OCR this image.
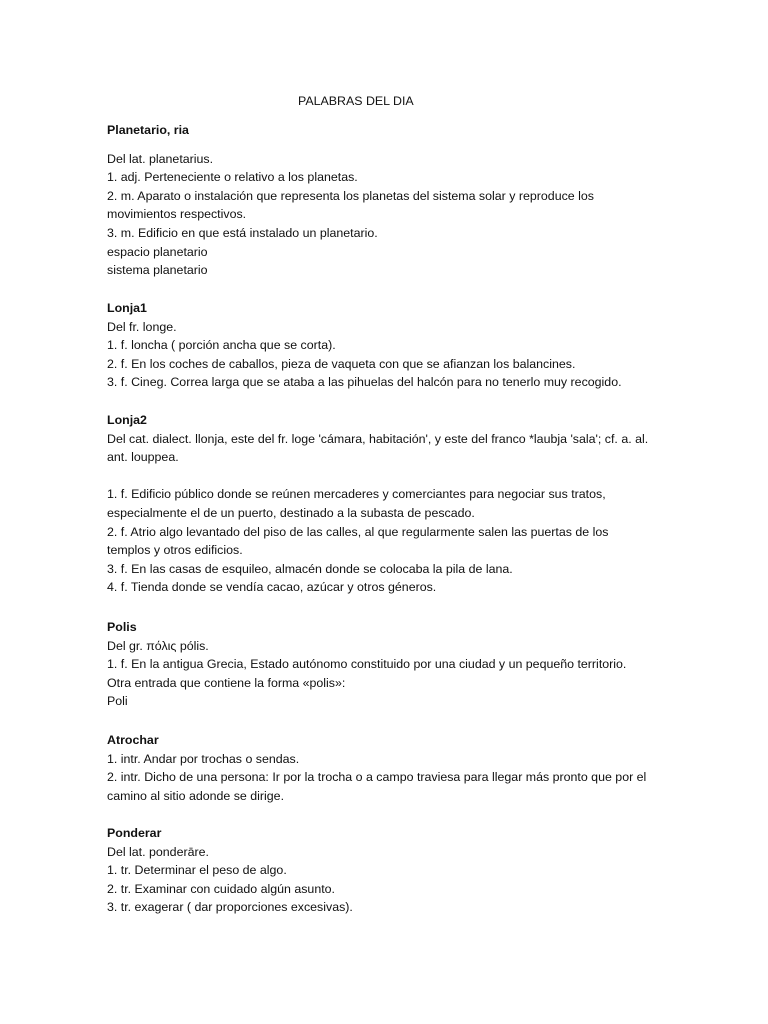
PALABRAS DEL DIA

Planetario, ria

Del lat. planetarius.

1. adj. Perteneciente o relativo a los planetas.

2. m. Aparato o instalación que representa los planetas del sistema solar y reproduce los

movimientos respectivos.

3. m. Edificio en que está instalado un planetario.

espacio planetario

sistema planetario

Lonja1

Del fr. longe.

1. f. loncha ( porción ancha que se corta).

2. f. En los coches de caballos, pieza de vaqueta con que se afianzan los balancines.

3. f. Cineg. Correa larga que se ataba a las pihuelas del halcón para no tenerlo muy recogido.

Lonja2

Del cat. dialect. llonja, este del fr. loge 'cámara, habitación', y este del franco *laubja 'sala'; cf. a. al.

ant. louppea.

1. f. Edificio público donde se reúnen mercaderes y comerciantes para negociar sus tratos,

especialmente el de un puerto, destinado a la subasta de pescado.

2. f. Atrio algo levantado del piso de las calles, al que regularmente salen las puertas de los

templos y otros edificios.

3. f. En las casas de esquileo, almacén donde se colocaba la pila de lana.

4. f. Tienda donde se vendía cacao, azúcar y otros géneros.

Polis

Del gr. πόλις pólis.

1. f. En la antigua Grecia, Estado autónomo constituido por una ciudad y un pequeño territorio.

Otra entrada que contiene la forma «polis»:

Poli

Atrochar

1. intr. Andar por trochas o sendas.

2. intr. Dicho de una persona: Ir por la trocha o a campo traviesa para llegar más pronto que por el

camino al sitio adonde se dirige.

Ponderar

Del lat. ponderāre.

1. tr. Determinar el peso de algo.

2. tr. Examinar con cuidado algún asunto.

3. tr. exagerar ( dar proporciones excesivas).
